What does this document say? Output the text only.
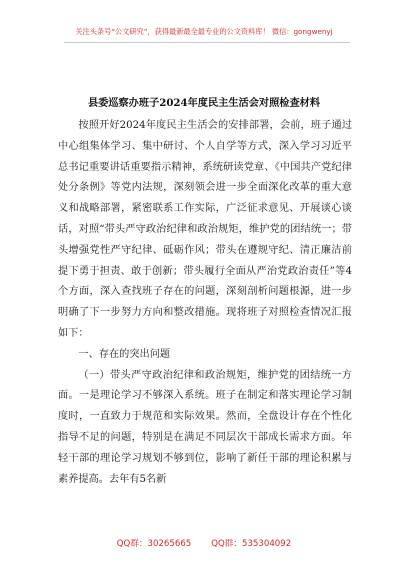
关注头条号“公文研究”，获得最新最全最专业的公文资料库！ 微信：gongwenyj
县委巡察办班子2024年度民主生活会对照检查材料

按照开好2024年度民主生活会的安排部署，会前，班子通过中心组集体学习、集中研讨、个人自学等方式，深入学习习近平总书记重要讲话重要指示精神，系统研读党章、《中国共产党纪律处分条例》等党内法规，深刻领会进一步全面深化改革的重大意义和战略部署，紧密联系工作实际，广泛征求意见、开展谈心谈话，对照“带头严守政治纪律和政治规矩，维护党的团结统一；带头增强党性严守纪律、砥砺作风；带头在遵规守纪、清正廉洁前提下勇于担责、敢于创新；带头履行全面从严治党政治责任”等4个方面，深入查找班子存在的问题，深刻剖析问题根源，进一步明确了下一步努力方向和整改措施。现将班子对照检查情况汇报如下：

一、存在的突出问题

（一）带头严守政治纪律和政治规矩，维护党的团结统一方面。一是理论学习不够深入系统。班子在制定和落实理论学习制度时，一直致力于规范和实际效果。然而，全盘设计存在个性化指导不足的问题，特别是在满足不同层次干部成长需求方面。年轻干部的理论学习规划不够到位，影响了新任干部的理论积累与素养提高。去年有5名新

QQ群：30265665 QQ群：535304092
